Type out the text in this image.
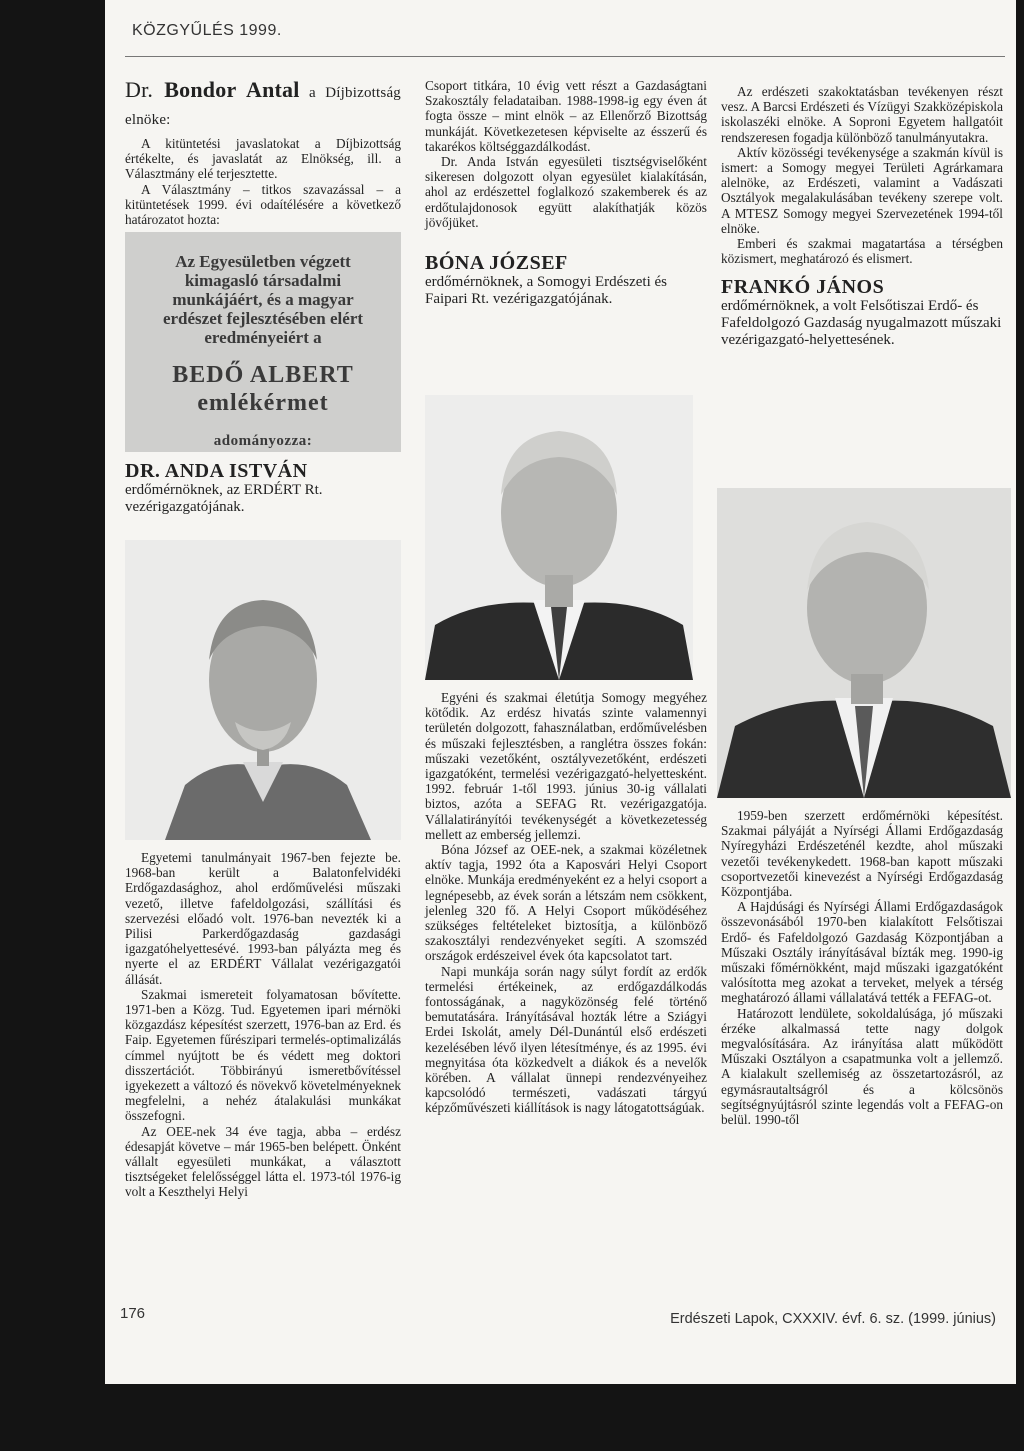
KÖZGYŰLÉS 1999.

Dr. Bondor Antal a Díjbizottság elnöke:

A kitüntetési javaslatokat a Díjbizottság értékelte, és javaslatát az Elnökség, ill. a Választmány elé terjesztette.

A Választmány – titkos szavazással – a kitüntetések 1999. évi odaítélésére a következő határozatot hozta:

Az Egyesületben végzett kimagasló társadalmi munkájáért, és a magyar erdészet fejlesztésében elért eredményeiért a
BEDŐ ALBERT emlékérmet
adományozza:

DR. ANDA ISTVÁN

erdőmérnöknek, az ERDÉRT Rt. vezérigazgatójának.

Egyetemi tanulmányait 1967-ben fejezte be. 1968-ban került a Balatonfelvidéki Erdőgazdasághoz, ahol erdőművelési műszaki vezető, illetve fafeldolgozási, szállítási és szervezési előadó volt. 1976-ban nevezték ki a Pilisi Parkerdőgazdaság gazdasági igazgatóhelyettesévé. 1993-ban pályázta meg és nyerte el az ERDÉRT Vállalat vezérigazgatói állását.

Szakmai ismereteit folyamatosan bővítette. 1971-ben a Közg. Tud. Egyetemen ipari mérnöki közgazdász képesítést szerzett, 1976-ban az Erd. és Faip. Egyetemen fűrészipari termelés-optimalizálás címmel nyújtott be és védett meg doktori disszertációt. Többirányú ismeretbővítéssel igyekezett a változó és növekvő követelményeknek megfelelni, a nehéz átalakulási munkákat összefogni.

Az OEE-nek 34 éve tagja, abba – erdész édesapját követve – már 1965-ben belépett. Önként vállalt egyesületi munkákat, a választott tisztségeket felelősséggel látta el. 1973-tól 1976-ig volt a Keszthelyi Helyi

Csoport titkára, 10 évig vett részt a Gazdaságtani Szakosztály feladataiban. 1988-1998-ig egy éven át fogta össze – mint elnök – az Ellenőrző Bizottság munkáját. Következetesen képviselte az ésszerű és takarékos költséggazdálkodást.

Dr. Anda István egyesületi tisztségviselőként sikeresen dolgozott olyan egyesület kialakításán, ahol az erdészettel foglalkozó szakemberek és az erdőtulajdonosok együtt alakíthatják közös jövőjüket.

BÓNA JÓZSEF

erdőmérnöknek, a Somogyi Erdészeti és Faipari Rt. vezérigazgatójának.

Egyéni és szakmai életútja Somogy megyéhez kötődik. Az erdész hivatás szinte valamennyi területén dolgozott, fahasználatban, erdőművelésben és műszaki fejlesztésben, a ranglétra összes fokán: műszaki vezetőként, osztályvezetőként, erdészeti igazgatóként, termelési vezérigazgató-helyettesként. 1992. február 1-től 1993. június 30-ig vállalati biztos, azóta a SEFAG Rt. vezérigazgatója. Vállalatirányítói tevékenységét a következetesség mellett az emberség jellemzi.

Bóna József az OEE-nek, a szakmai közéletnek aktív tagja, 1992 óta a Kaposvári Helyi Csoport elnöke. Munkája eredményeként ez a helyi csoport a legnépesebb, az évek során a létszám nem csökkent, jelenleg 320 fő. A Helyi Csoport működéséhez szükséges feltételeket biztosítja, a különböző szakosztályi rendezvényeket segíti. A szomszéd országok erdészeivel évek óta kapcsolatot tart.

Napi munkája során nagy súlyt fordít az erdők termelési értékeinek, az erdőgazdálkodás fontosságának, a nagyközönség felé történő bemutatására. Irányításával hozták létre a Sziágyi Erdei Iskolát, amely Dél-Dunántúl első erdészeti kezelésében lévő ilyen létesítménye, és az 1995. évi megnyitása óta közkedvelt a diákok és a nevelők körében. A vállalat ünnepi rendezvényeihez kapcsolódó természeti, vadászati tárgyú képzőművészeti kiállítások is nagy látogatottságúak.

Az erdészeti szakoktatásban tevékenyen részt vesz. A Barcsi Erdészeti és Vízügyi Szakközépiskola iskolaszéki elnöke. A Soproni Egyetem hallgatóit rendszeresen fogadja különböző tanulmányutakra.

Aktív közösségi tevékenysége a szakmán kívül is ismert: a Somogy megyei Területi Agrárkamara alelnöke, az Erdészeti, valamint a Vadászati Osztályok megalakulásában tevékeny szerepe volt. A MTESZ Somogy megyei Szervezetének 1994-től elnöke.

Emberi és szakmai magatartása a térségben közismert, meghatározó és elismert.

FRANKÓ JÁNOS

erdőmérnöknek, a volt Felsőtiszai Erdő- és Fafeldolgozó Gazdaság nyugalmazott műszaki vezérigazgató-helyettesének.

1959-ben szerzett erdőmérnöki képesítést. Szakmai pályáját a Nyírségi Állami Erdőgazdaság Nyíregyházi Erdészeténél kezdte, ahol műszaki vezetői tevékenykedett. 1968-ban kapott műszaki csoportvezetői kinevezést a Nyírségi Erdőgazdaság Központjába.

A Hajdúsági és Nyírségi Állami Erdőgazdaságok összevonásából 1970-ben kialakított Felsőtiszai Erdő- és Fafeldolgozó Gazdaság Központjában a Műszaki Osztály irányításával bízták meg. 1990-ig műszaki főmérnökként, majd műszaki igazgatóként valósította meg azokat a terveket, melyek a térség meghatározó állami vállalatává tették a FEFAG-ot.

Határozott lendülete, sokoldalúsága, jó műszaki érzéke alkalmassá tette nagy dolgok megvalósítására. Az irányítása alatt működött Műszaki Osztályon a csapatmunka volt a jellemző. A kialakult szellemiség az összetartozásról, az egymásrautaltságról és a kölcsönös segítségnyújtásról szinte legendás volt a FEFAG-on belül. 1990-től

176	Erdészeti Lapok, CXXXIV. évf. 6. sz. (1999. június)
